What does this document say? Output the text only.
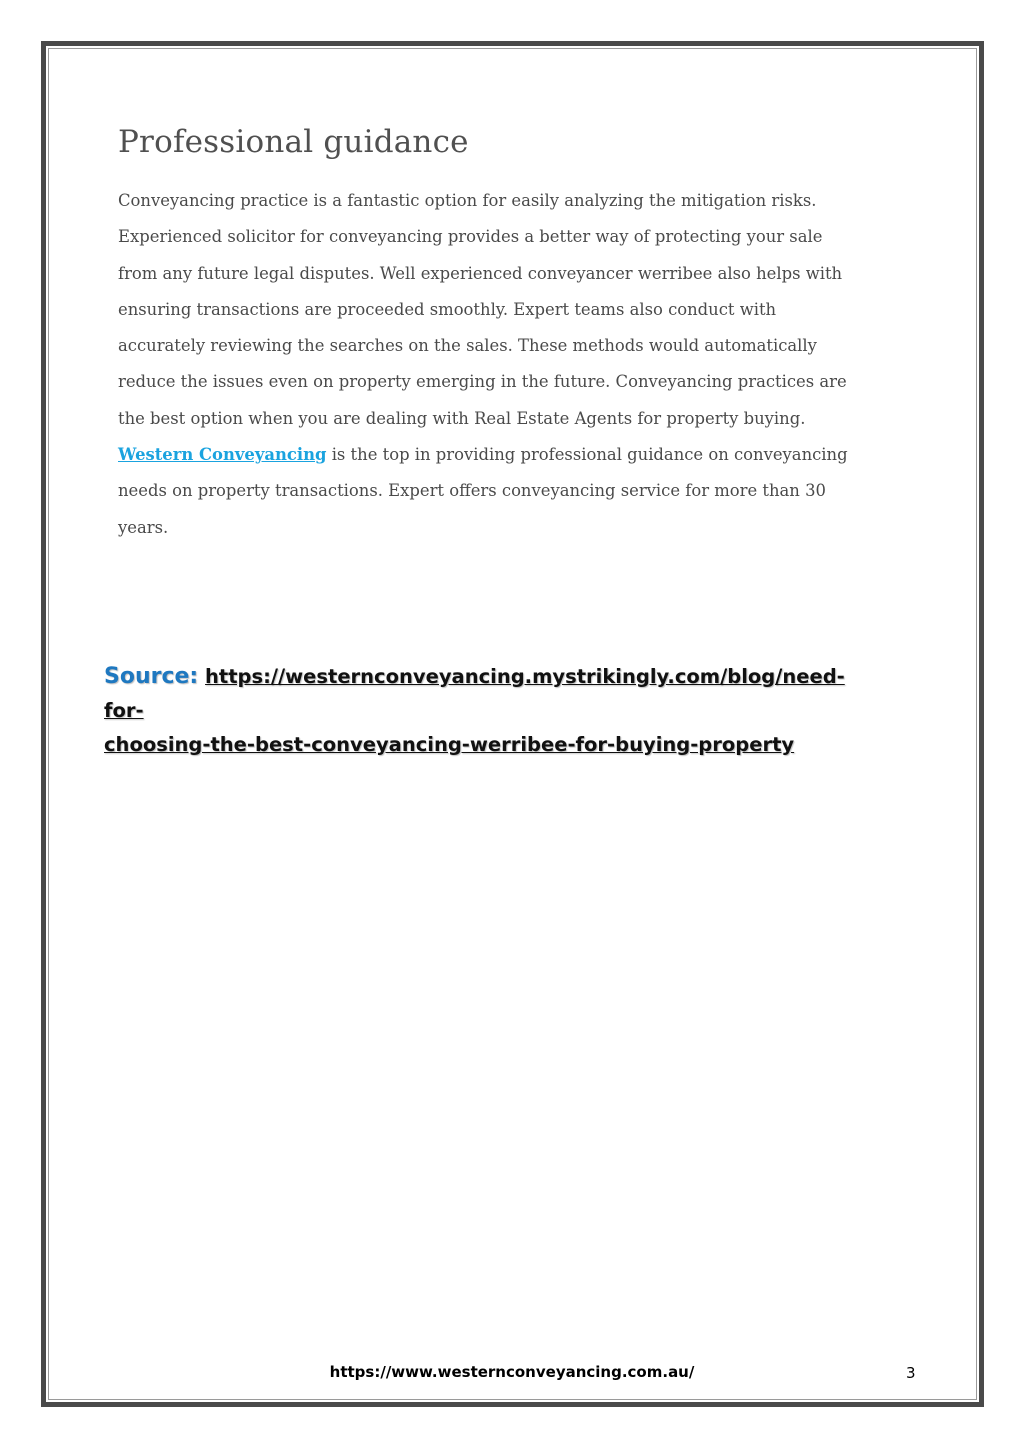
Professional guidance
Conveyancing practice is a fantastic option for easily analyzing the mitigation risks.
Experienced solicitor for conveyancing provides a better way of protecting your sale
from any future legal disputes. Well experienced conveyancer werribee also helps with
ensuring transactions are proceeded smoothly. Expert teams also conduct with
accurately reviewing the searches on the sales. These methods would automatically
reduce the issues even on property emerging in the future. Conveyancing practices are
the best option when you are dealing with Real Estate Agents for property buying.
Western Conveyancing is the top in providing professional guidance on conveyancing
needs on property transactions. Expert offers conveyancing service for more than 30
years.
Source: https://westernconveyancing.mystrikingly.com/blog/need-for-
choosing-the-best-conveyancing-werribee-for-buying-property
https://www.westernconveyancing.com.au/	3
